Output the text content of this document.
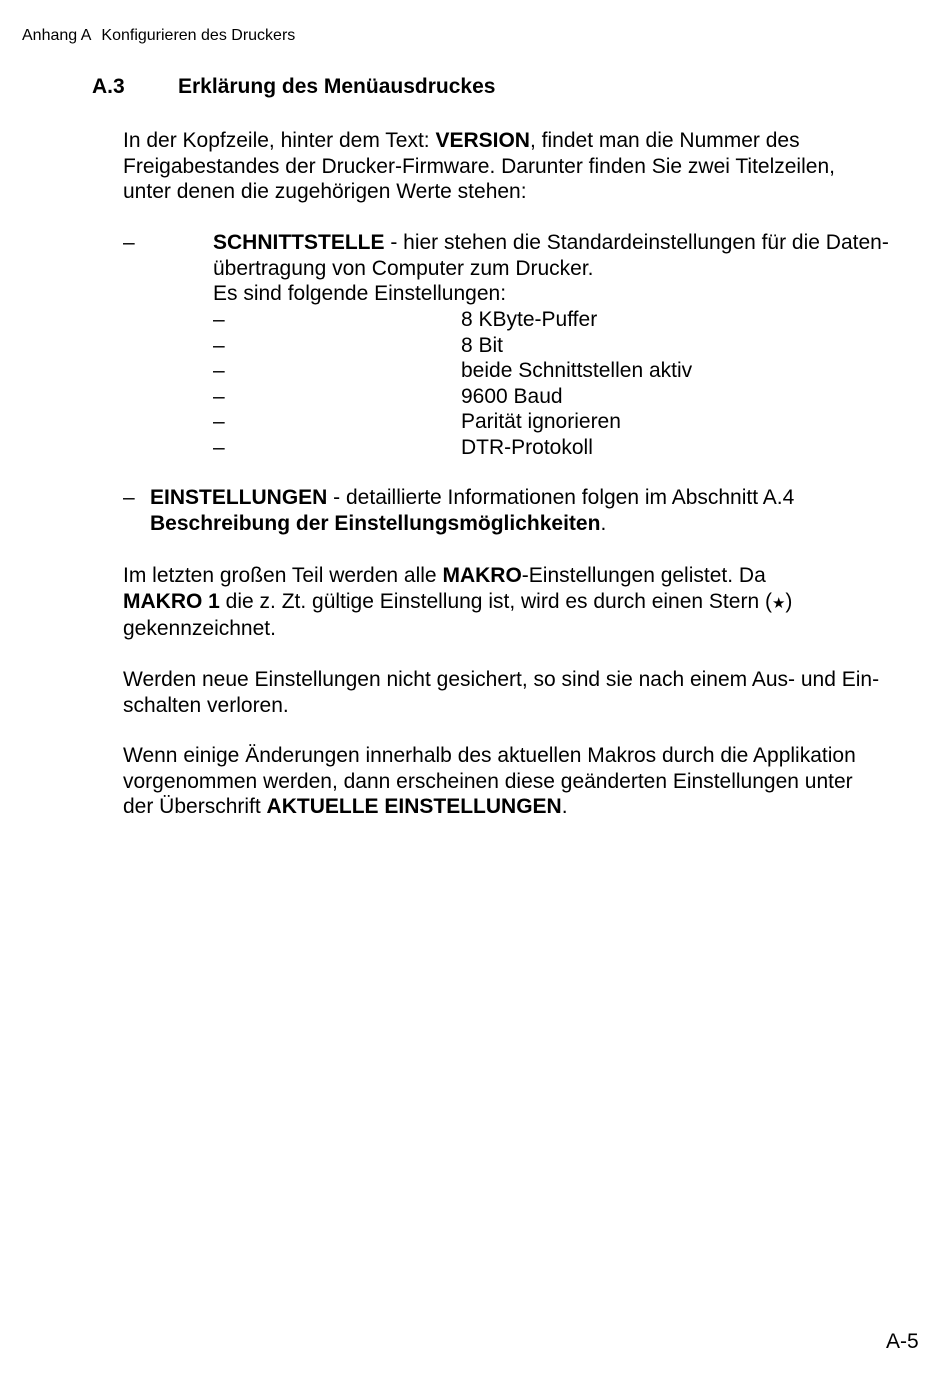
Anhang A Konfigurieren des Druckers
A.3	Erklärung des Menüausdruckes
In der Kopfzeile, hinter dem Text: VERSION, findet man die Nummer des
Freigabestandes der Drucker-Firmware. Darunter finden Sie zwei Titelzeilen,
unter denen die zugehörigen Werte stehen:
–	SCHNITTSTELLE - hier stehen die Standardeinstellungen für die Daten-
übertragung von Computer zum Drucker.
Es sind folgende Einstellungen:
–	8 KByte-Puffer
–	8 Bit
–	beide Schnittstellen aktiv
–	9600 Baud
–	Parität ignorieren
–	DTR-Protokoll
– EINSTELLUNGEN - detaillierte Informationen folgen im Abschnitt A.4
Beschreibung der Einstellungsmöglichkeiten.
Im letzten großen Teil werden alle MAKRO-Einstellungen gelistet. Da
MAKRO 1 die z. Zt. gültige Einstellung ist, wird es durch einen Stern (★)
gekennzeichnet.
Werden neue Einstellungen nicht gesichert, so sind sie nach einem Aus- und Ein-
schalten verloren.
Wenn einige Änderungen innerhalb des aktuellen Makros durch die Applikation
vorgenommen werden, dann erscheinen diese geänderten Einstellungen unter
der Überschrift AKTUELLE EINSTELLUNGEN.
A-5
